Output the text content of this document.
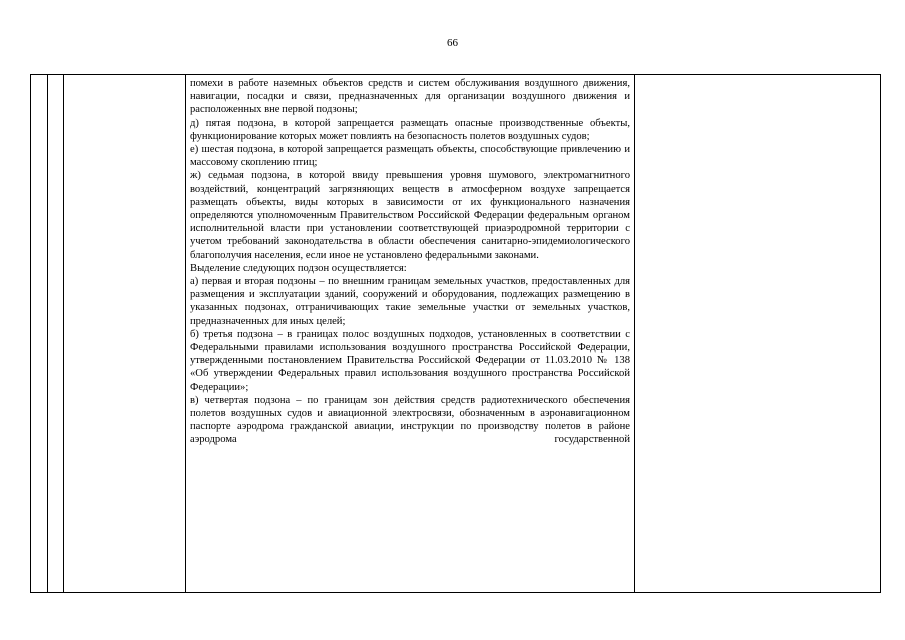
66

помехи в работе наземных объектов средств и систем обслуживания воздушного движения, навигации, посадки и связи, предназначенных для организации воздушного движения и расположенных вне первой подзоны;

д) пятая подзона, в которой запрещается размещать опасные производственные объекты, функционирование которых может повлиять на безопасность полетов воздушных судов;

е) шестая подзона, в которой запрещается размещать объекты, способствующие привлечению и массовому скоплению птиц;

ж) седьмая подзона, в которой ввиду превышения уровня шумового, электромагнитного воздействий, концентраций загрязняющих веществ в атмосферном воздухе запрещается размещать объекты, виды которых в зависимости от их функционального назначения определяются уполномоченным Правительством Российской Федерации федеральным органом исполнительной власти при установлении соответствующей приаэродромной территории с учетом требований законодательства в области обеспечения санитарно-эпидемиологического благополучия населения, если иное не установлено федеральными законами.

Выделение следующих подзон осуществляется:

а) первая и вторая подзоны – по внешним границам земельных участков, предоставленных для размещения и эксплуатации зданий, сооружений и оборудования, подлежащих размещению в указанных подзонах, отграничивающих такие земельные участки от земельных участков, предназначенных для иных целей;

б) третья подзона – в границах полос воздушных подходов, установленных в соответствии с Федеральными правилами использования воздушного пространства Российской Федерации, утвержденными постановлением Правительства Российской Федерации от 11.03.2010 № 138 «Об утверждении Федеральных правил использования воздушного пространства Российской Федерации»;

в) четвертая подзона – по границам зон действия средств радиотехнического обеспечения полетов воздушных судов и авиационной электросвязи, обозначенным в аэронавигационном паспорте аэродрома гражданской авиации, инструкции по производству полетов в районе аэродрома государственной
